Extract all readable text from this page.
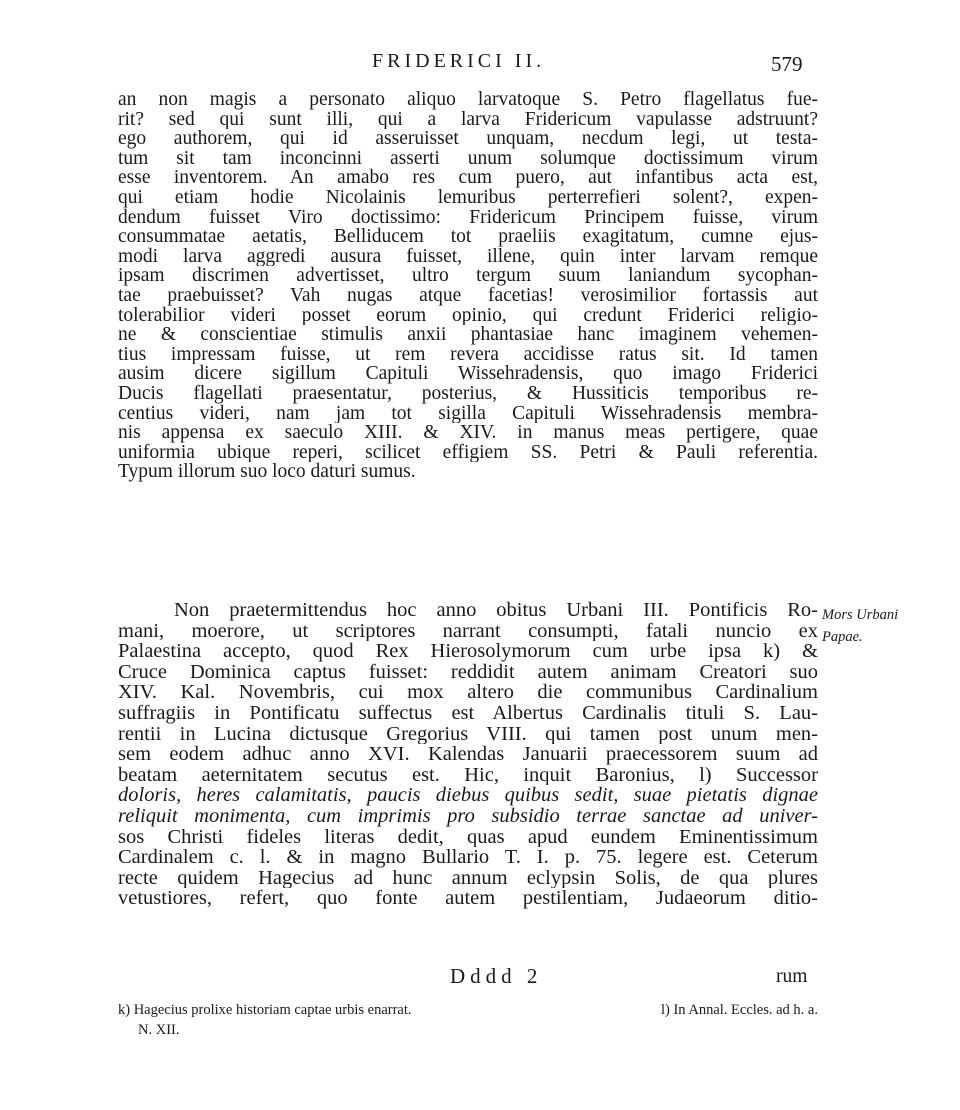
FRIDERICI II.	579
an non magis a personato aliquo larvatoque S. Petro flagellatus fue-
rit? sed qui sunt illi, qui a larva Fridericum vapulasse adstruunt?
ego authorem, qui id asseruisset unquam, necdum legi, ut testa-
tum sit tam inconcinni asserti unum solumque doctissimum virum
esse inventorem. An amabo res cum puero, aut infantibus acta est,
qui etiam hodie Nicolainis lemuribus perterrefieri solent?, expen-
dendum fuisset Viro doctissimo: Fridericum Principem fuisse, virum
consummatae aetatis, Belliducem tot praeliis exagitatum, cumne ejus-
modi larva aggredi ausura fuisset, illene, quin inter larvam remque
ipsam discrimen advertisset, ultro tergum suum laniandum sycophan-
tae praebuisset? Vah nugas atque facetias! verosimilior fortassis aut
tolerabilior videri posset eorum opinio, qui credunt Friderici religio-
ne & conscientiae stimulis anxii phantasiae hanc imaginem vehemen-
tius impressam fuisse, ut rem revera accidisse ratus sit. Id tamen
ausim dicere sigillum Capituli Wissehradensis, quo imago Friderici
Ducis flagellati praesentatur, posterius, & Hussiticis temporibus re-
centius videri, nam jam tot sigilla Capituli Wissehradensis membra-
nis appensa ex saeculo XIII. & XIV. in manus meas pertigere, quae
uniformia ubique reperi, scilicet effigiem SS. Petri & Pauli referentia.
Typum illorum suo loco daturi sumus.
Non praetermittendus hoc anno obitus Urbani III. Pontificis Ro-
mani, moerore, ut scriptores narrant consumpti, fatali nuncio ex
Palaestina accepto, quod Rex Hierosolymorum cum urbe ipsa k) &
Cruce Dominica captus fuisset: reddidit autem animam Creatori suo
XIV. Kal. Novembris, cui mox altero die communibus Cardinalium
suffragiis in Pontificatu suffectus est Albertus Cardinalis tituli S. Lau-
rentii in Lucina dictusque Gregorius VIII. qui tamen post unum men-
sem eodem adhuc anno XVI. Kalendas Januarii praecessorem suum ad
beatam aeternitatem secutus est. Hic, inquit Baronius, l) Successor
doloris, heres calamitatis, paucis diebus quibus sedit, suae pietatis dignae
reliquit monimenta, cum imprimis pro subsidio terrae sanctae ad univer-
sos Christi fideles literas dedit, quas apud eundem Eminentissimum
Cardinalem c. l. & in magno Bullario T. I. p. 75. legere est. Ceterum
recte quidem Hagecius ad hunc annum eclypsin Solis, de qua plures
vetustiores, refert, quo fonte autem pestilentiam, Judaeorum ditio-
Mors Urbani
Papae.
Dddd 2	rum
k) Hagecius prolixe historiam captae urbis enarrat.	l) In Annal. Eccles. ad h. a.
N. XII.
